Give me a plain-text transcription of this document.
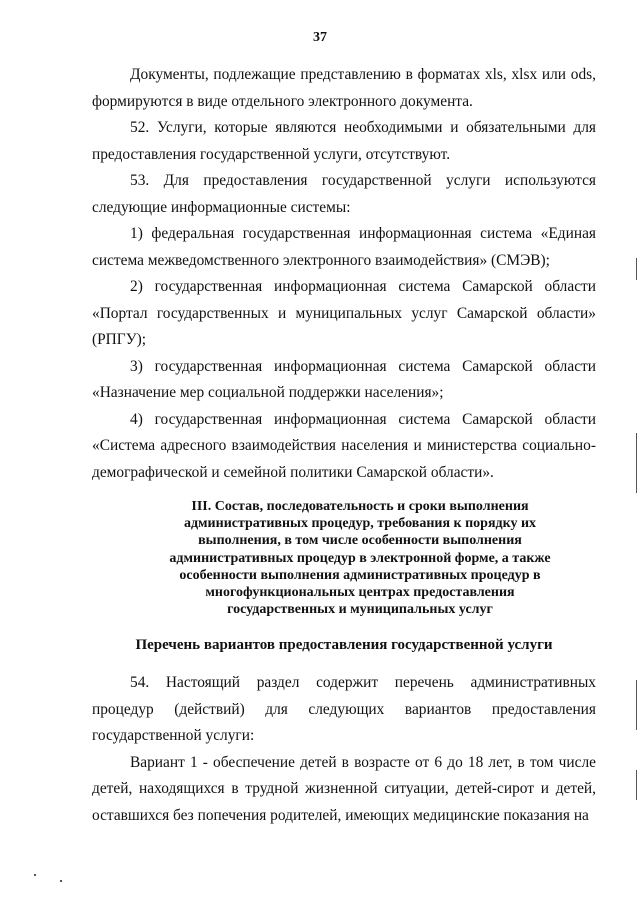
37

Документы, подлежащие представлению в форматах xls, xlsx или ods, формируются в виде отдельного электронного документа.

52. Услуги, которые являются необходимыми и обязательными для предоставления государственной услуги, отсутствуют.

53. Для предоставления государственной услуги используются следующие информационные системы:

1) федеральная государственная информационная система «Единая система межведомственного электронного взаимодействия» (СМЭВ);

2) государственная информационная система Самарской области «Портал государственных и муниципальных услуг Самарской области» (РПГУ);

3) государственная информационная система Самарской области «Назначение мер социальной поддержки населения»;

4) государственная информационная система Самарской области «Система адресного взаимодействия населения и министерства социально-демографической и семейной политики Самарской области».

III. Состав, последовательность и сроки выполнения административных процедур, требования к порядку их выполнения, в том числе особенности выполнения административных процедур в электронной форме, а также особенности выполнения административных процедур в многофункциональных центрах предоставления государственных и муниципальных услуг
Перечень вариантов предоставления государственной услуги

54. Настоящий раздел содержит перечень административных процедур (действий) для следующих вариантов предоставления государственной услуги:

Вариант 1 - обеспечение детей в возрасте от 6 до 18 лет, в том числе детей, находящихся в трудной жизненной ситуации, детей-сирот и детей, оставшихся без попечения родителей, имеющих медицинские показания на
